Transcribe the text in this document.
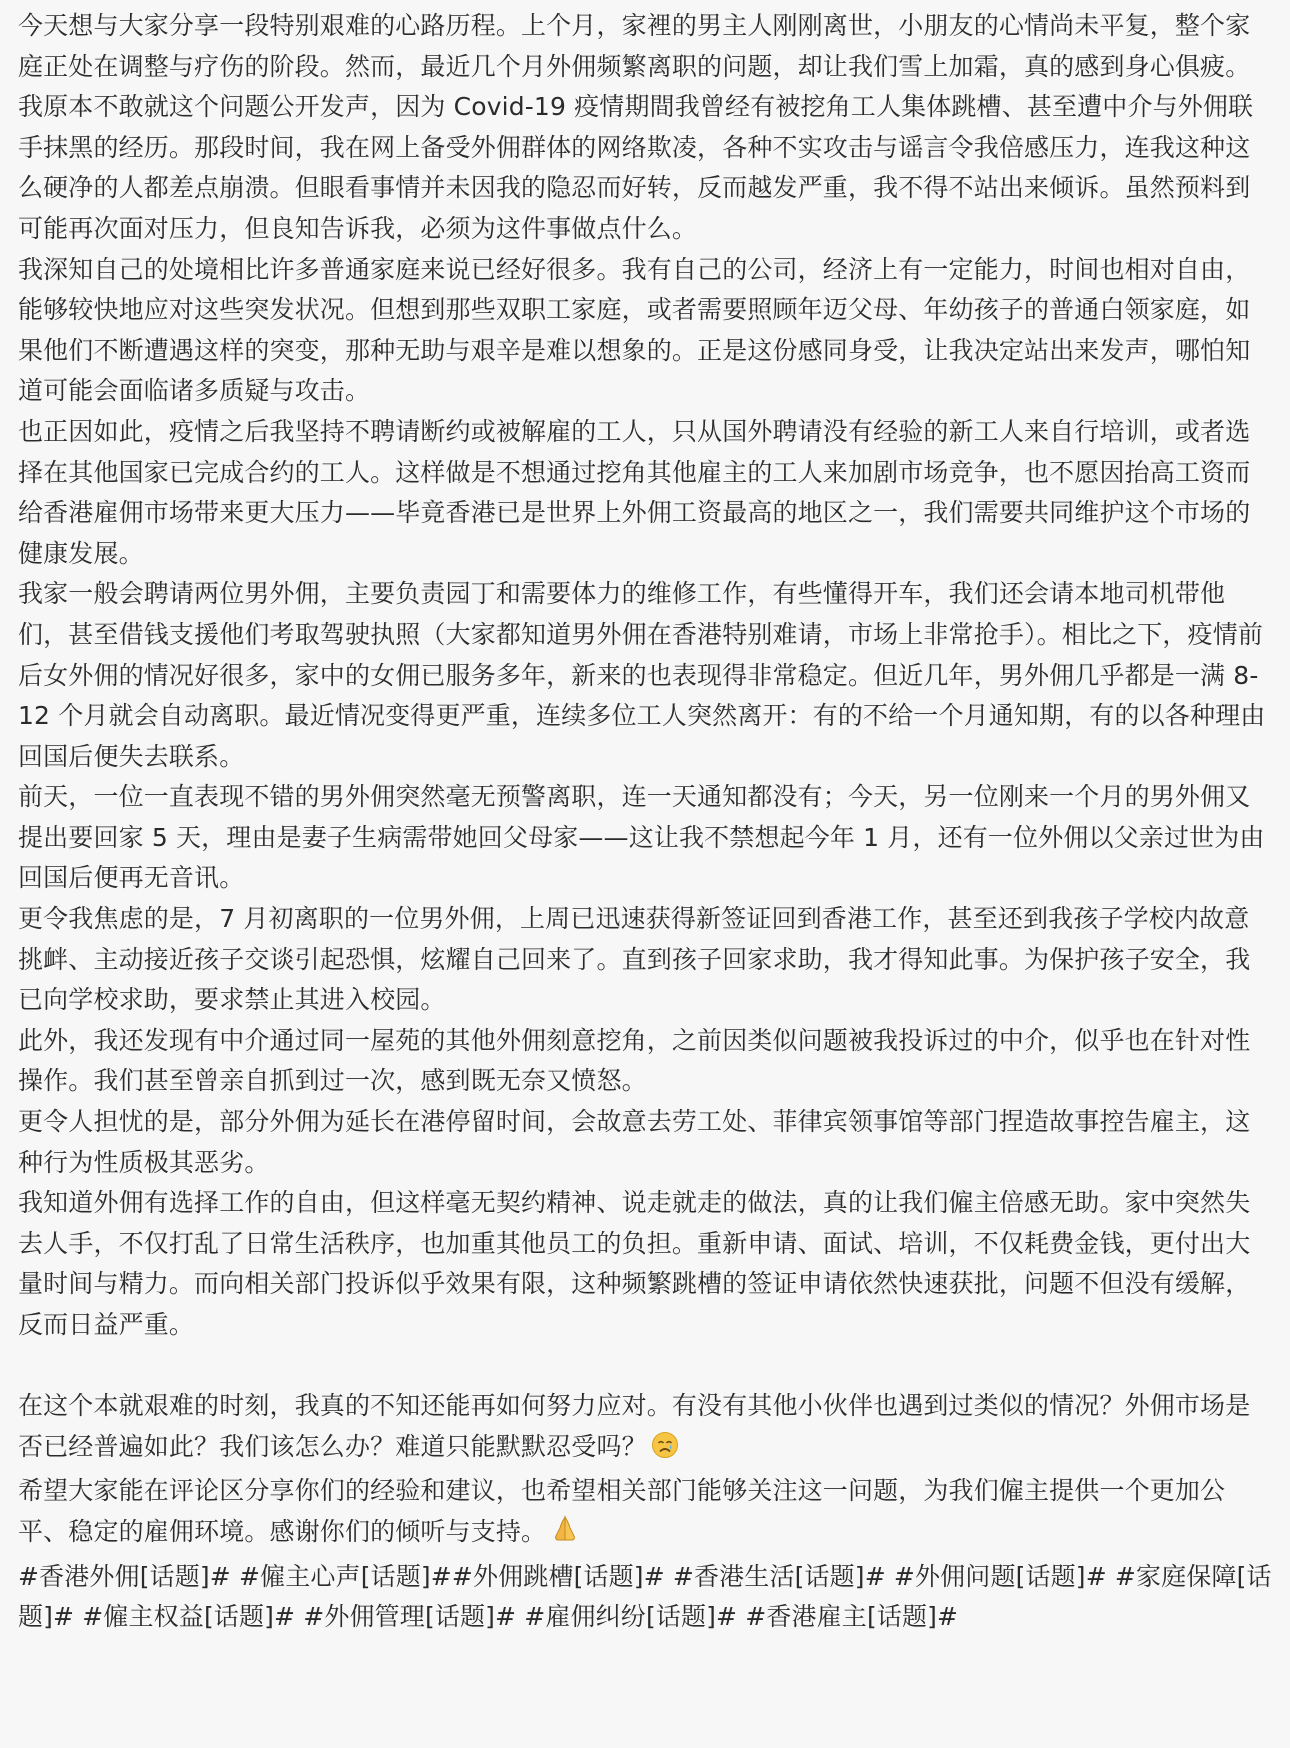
今天想与大家分享一段特别艰难的心路历程。上个月，家裡的男主人刚刚离世，小朋友的心情尚未平复，整个家庭正处在调整与疗伤的阶段。然而，最近几个月外佣频繁离职的问题，却让我们雪上加霜，真的感到身心俱疲。

我原本不敢就这个问题公开发声，因为 Covid-19 疫情期間我曾经有被挖角工人集体跳槽、甚至遭中介与外佣联手抹黑的经历。那段时间，我在网上备受外佣群体的网络欺凌，各种不实攻击与谣言令我倍感压力，连我这种这么硬净的人都差点崩溃。但眼看事情并未因我的隐忍而好转，反而越发严重，我不得不站出来倾诉。虽然预料到可能再次面对压力，但良知告诉我，必须为这件事做点什么。

我深知自己的处境相比许多普通家庭来说已经好很多。我有自己的公司，经济上有一定能力，时间也相对自由，能够较快地应对这些突发状况。但想到那些双职工家庭，或者需要照顾年迈父母、年幼孩子的普通白领家庭，如果他们不断遭遇这样的突变，那种无助与艰辛是难以想象的。正是这份感同身受，让我决定站出来发声，哪怕知道可能会面临诸多质疑与攻击。

也正因如此，疫情之后我坚持不聘请断约或被解雇的工人，只从国外聘请没有经验的新工人来自行培训，或者选择在其他国家已完成合约的工人。这样做是不想通过挖角其他雇主的工人来加剧市场竞争，也不愿因抬高工资而给香港雇佣市场带来更大压力——毕竟香港已是世界上外佣工资最高的地区之一，我们需要共同维护这个市场的健康发展。

我家一般会聘请两位男外佣，主要负责园丁和需要体力的维修工作，有些懂得开车，我们还会请本地司机带他们，甚至借钱支援他们考取驾驶执照（大家都知道男外佣在香港特别难请，市场上非常抢手）。相比之下，疫情前后女外佣的情况好很多，家中的女佣已服务多年，新来的也表现得非常稳定。但近几年，男外佣几乎都是一满 8-12 个月就会自动离职。最近情况变得更严重，连续多位工人突然离开：有的不给一个月通知期，有的以各种理由回国后便失去联系。

前天，一位一直表现不错的男外佣突然毫无预警离职，连一天通知都没有；今天，另一位刚来一个月的男外佣又提出要回家 5 天，理由是妻子生病需带她回父母家——这让我不禁想起今年 1 月，还有一位外佣以父亲过世为由回国后便再无音讯。

更令我焦虑的是，7 月初离职的一位男外佣，上周已迅速获得新签证回到香港工作，甚至还到我孩子学校内故意挑衅、主动接近孩子交谈引起恐惧，炫耀自己回来了。直到孩子回家求助，我才得知此事。为保护孩子安全，我已向学校求助，要求禁止其进入校园。

此外，我还发现有中介通过同一屋苑的其他外佣刻意挖角，之前因类似问题被我投诉过的中介，似乎也在针对性操作。我们甚至曾亲自抓到过一次，感到既无奈又愤怒。

更令人担忧的是，部分外佣为延长在港停留时间，会故意去劳工处、菲律宾领事馆等部门捏造故事控告雇主，这种行为性质极其恶劣。

我知道外佣有选择工作的自由，但这样毫无契约精神、说走就走的做法，真的让我们僱主倍感无助。家中突然失去人手，不仅打乱了日常生活秩序，也加重其他员工的负担。重新申请、面试、培训，不仅耗费金钱，更付出大量时间与精力。而向相关部门投诉似乎效果有限，这种频繁跳槽的签证申请依然快速获批，问题不但没有缓解，反而日益严重。

在这个本就艰难的时刻，我真的不知还能再如何努力应对。有没有其他小伙伴也遇到过类似的情况？外佣市场是否已经普遍如此？我们该怎么办？难道只能默默忍受吗？

希望大家能在评论区分享你们的经验和建议，也希望相关部门能够关注这一问题，为我们僱主提供一个更加公平、稳定的雇佣环境。感谢你们的倾听与支持。

#香港外佣[话题]# #僱主心声[话题]##外佣跳槽[话题]# #香港生活[话题]# #外佣问题[话题]# #家庭保障[话题]# #僱主权益[话题]# #外佣管理[话题]# #雇佣纠纷[话题]# #香港雇主[话题]#
